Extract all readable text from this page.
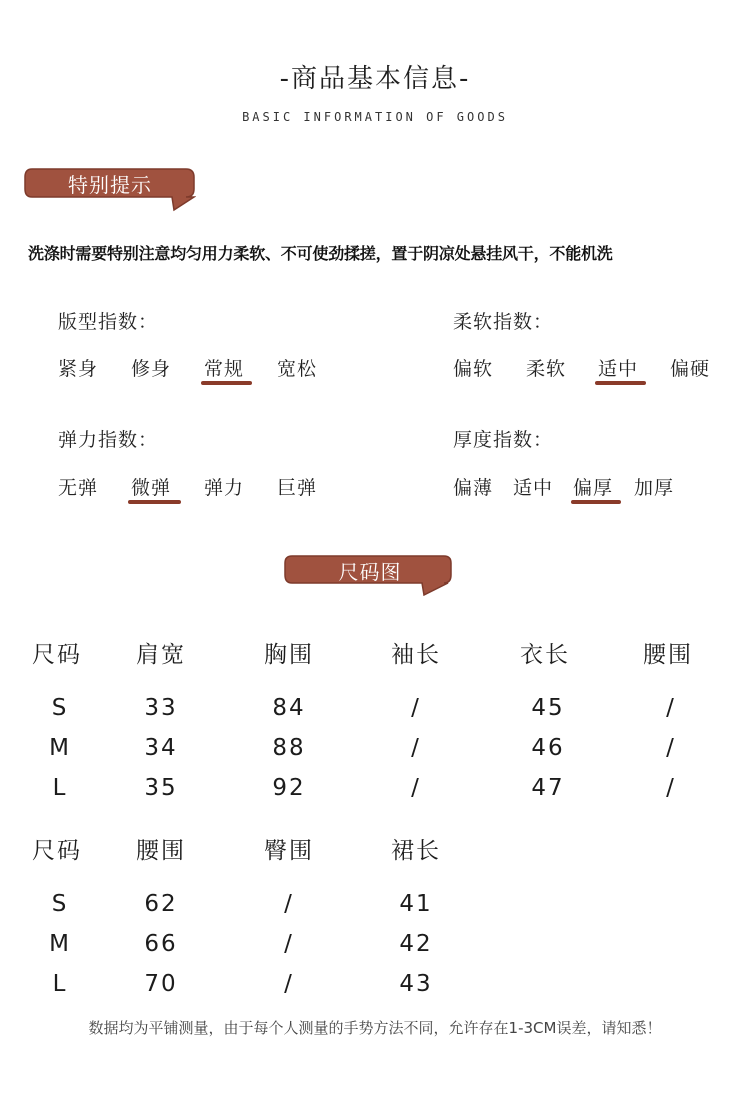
-商品基本信息-
BASIC INFORMATION OF GOODS
特别提示
洗涤时需要特别注意均匀用力柔软、不可使劲揉搓，置于阴凉处悬挂风干，不能机洗
版型指数：
紧身 修身 常规 宽松
柔软指数：
偏软 柔软 适中 偏硬
弹力指数：
无弹 微弹 弹力 巨弹
厚度指数：
偏薄 适中 偏厚 加厚
尺码图
尺码	肩宽	胸围	袖长	衣长	腰围
S	33	84	/	45	/
M	34	88	/	46	/
L	35	92	/	47	/
尺码	腰围	臀围	裙长
S	62	/	41
M	66	/	42
L	70	/	43
数据均为平铺测量，由于每个人测量的手势方法不同，允许存在1-3CM误差，请知悉！
